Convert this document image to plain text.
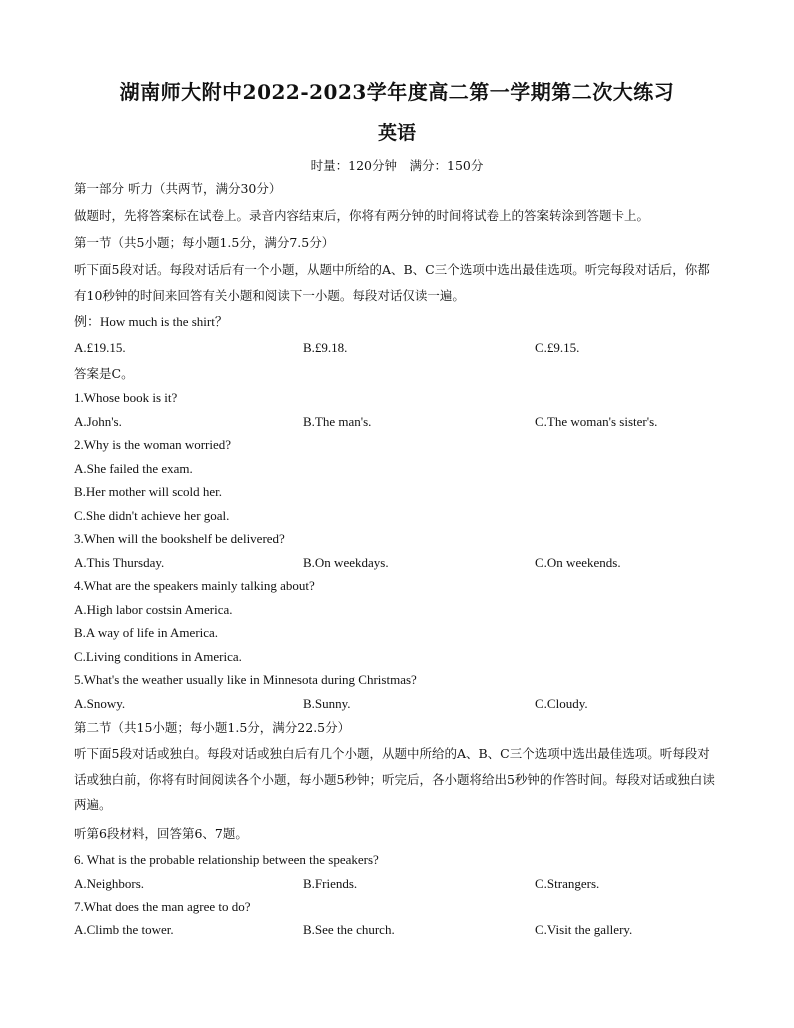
湖南师大附中2022-2023学年度高二第一学期第二次大练习
英语
时量：120分钟　满分：150分
第一部分 听力（共两节，满分30分）
做题时，先将答案标在试卷上。录音内容结束后，你将有两分钟的时间将试卷上的答案转涂到答题卡上。
第一节（共5小题；每小题1.5分，满分7.5分）
听下面5段对话。每段对话后有一个小题，从题中所给的A、B、C三个选项中选出最佳选项。听完每段对话后，你都有10秒钟的时间来回答有关小题和阅读下一小题。每段对话仅读一遍。
例：How much is the shirt？
A.£19.15.	B.£9.18.	C.£9.15.
答案是C。
1.Whose book is it?
A.John's.	B.The man's.	C.The woman's sister's.
2.Why is the woman worried?
A.She failed the exam.
B.Her mother will scold her.
C.She didn't achieve her goal.
3.When will the bookshelf be delivered?
A.This Thursday.	B.On weekdays.	C.On weekends.
4.What are the speakers mainly talking about?
A.High labor costsin America.
B.A way of life in America.
C.Living conditions in America.
5.What's the weather usually like in Minnesota during Christmas?
A.Snowy.	B.Sunny.	C.Cloudy.
第二节（共15小题；每小题1.5分，满分22.5分）
听下面5段对话或独白。每段对话或独白后有几个小题，从题中所给的A、B、C三个选项中选出最佳选项。听每段对话或独白前，你将有时间阅读各个小题，每小题5秒钟；听完后，各小题将给出5秒钟的作答时间。每段对话或独白读两遍。
听第6段材料，回答第6、7题。
6. What is the probable relationship between the speakers?
A.Neighbors.	B.Friends.	C.Strangers.
7.What does the man agree to do?
A.Climb the tower.	B.See the church.	C.Visit the gallery.
